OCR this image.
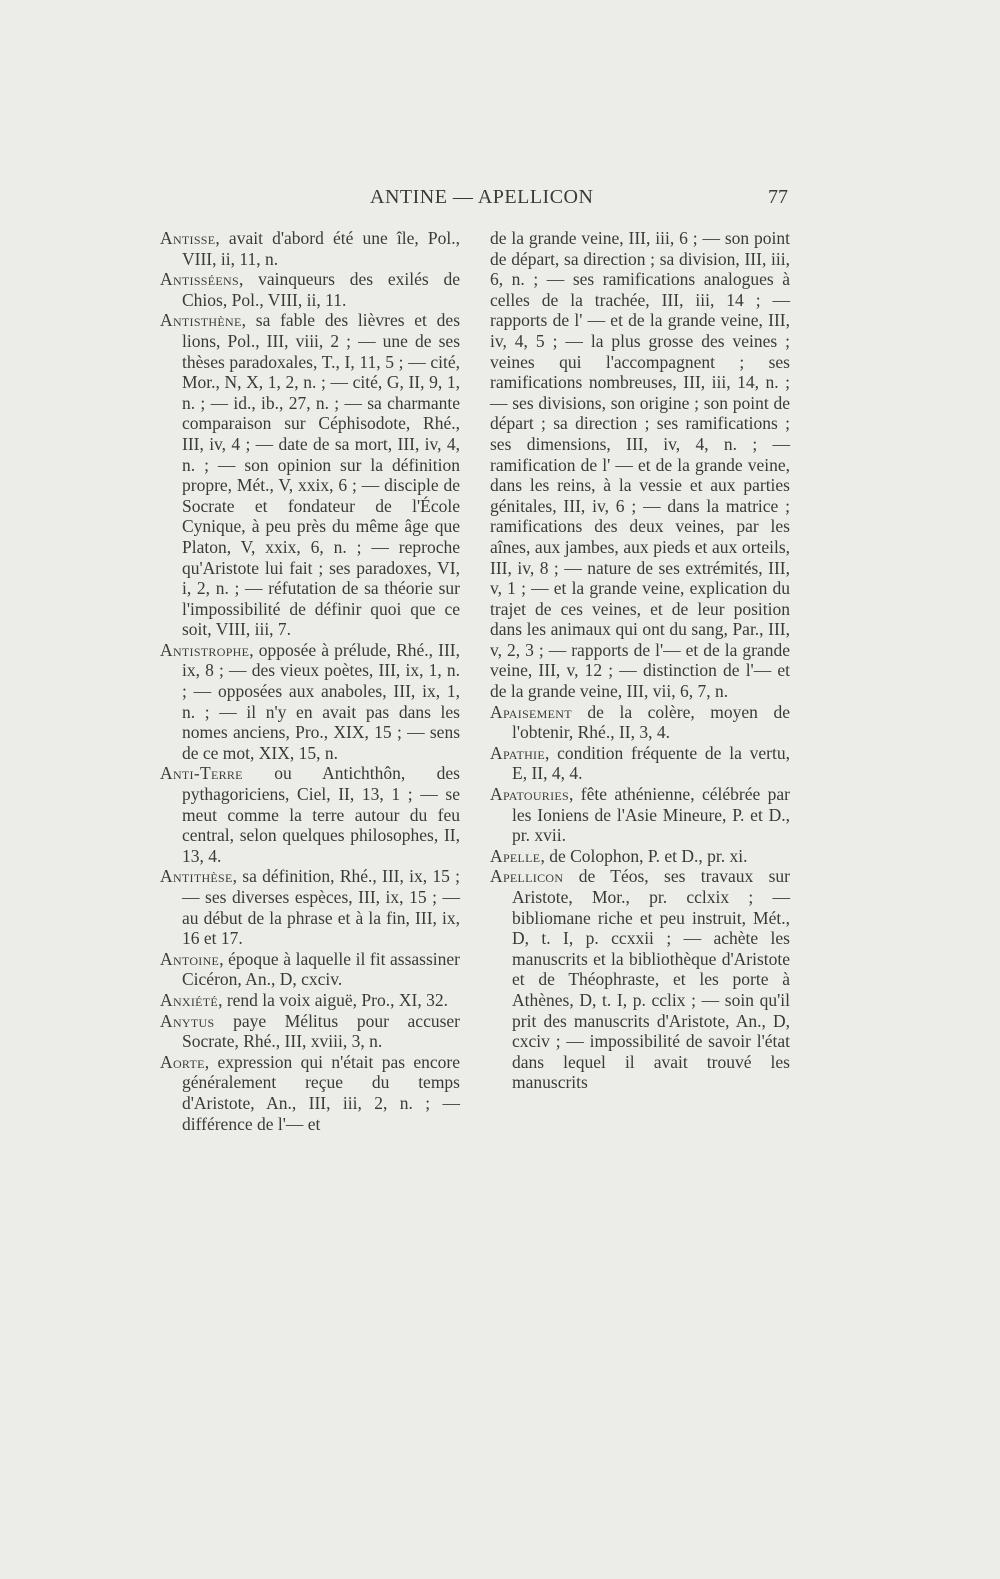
ANTINE — APELLICON	77

Antisse, avait d'abord été une île, Pol., VIII, ii, 11, n.

Antisséens, vainqueurs des exilés de Chios, Pol., VIII, ii, 11.

Antisthène, sa fable des lièvres et des lions, Pol., III, viii, 2 ; — une de ses thèses paradoxales, T., I, 11, 5 ; — cité, Mor., N, X, 1, 2, n. ; — cité, G, II, 9, 1, n. ; — id., ib., 27, n. ; — sa charmante comparaison sur Céphisodote, Rhé., III, iv, 4 ; — date de sa mort, III, iv, 4, n. ; — son opinion sur la définition propre, Mét., V, xxix, 6 ; — disciple de Socrate et fondateur de l'École Cynique, à peu près du même âge que Platon, V, xxix, 6, n. ; — reproche qu'Aristote lui fait ; ses paradoxes, VI, i, 2, n. ; — réfutation de sa théorie sur l'impossibilité de définir quoi que ce soit, VIII, iii, 7.

Antistrophe, opposée à prélude, Rhé., III, ix, 8 ; — des vieux poètes, III, ix, 1, n. ; — opposées aux anaboles, III, ix, 1, n. ; — il n'y en avait pas dans les nomes anciens, Pro., XIX, 15 ; — sens de ce mot, XIX, 15, n.

Anti-Terre ou Antichthôn, des pythagoriciens, Ciel, II, 13, 1 ; — se meut comme la terre autour du feu central, selon quelques philosophes, II, 13, 4.

Antithèse, sa définition, Rhé., III, ix, 15 ; — ses diverses espèces, III, ix, 15 ; — au début de la phrase et à la fin, III, ix, 16 et 17.

Antoine, époque à laquelle il fit assassiner Cicéron, An., D, cxciv.

Anxiété, rend la voix aiguë, Pro., XI, 32.

Anytus paye Mélitus pour accuser Socrate, Rhé., III, xviii, 3, n.

Aorte, expression qui n'était pas encore généralement reçue du temps d'Aristote, An., III, iii, 2, n. ; — différence de l'— et

de la grande veine, III, iii, 6 ; — son point de départ, sa direction ; sa division, III, iii, 6, n. ; — ses ramifications analogues à celles de la trachée, III, iii, 14 ; — rapports de l' — et de la grande veine, III, iv, 4, 5 ; — la plus grosse des veines ; veines qui l'accompagnent ; ses ramifications nombreuses, III, iii, 14, n. ; — ses divisions, son origine ; son point de départ ; sa direction ; ses ramifications ; ses dimensions, III, iv, 4, n. ; — ramification de l' — et de la grande veine, dans les reins, à la vessie et aux parties génitales, III, iv, 6 ; — dans la matrice ; ramifications des deux veines, par les aînes, aux jambes, aux pieds et aux orteils, III, iv, 8 ; — nature de ses extrémités, III, v, 1 ; — et la grande veine, explication du trajet de ces veines, et de leur position dans les animaux qui ont du sang, Par., III, v, 2, 3 ; — rapports de l'— et de la grande veine, III, v, 12 ; — distinction de l'— et de la grande veine, III, vii, 6, 7, n.

Apaisement de la colère, moyen de l'obtenir, Rhé., II, 3, 4.

Apathie, condition fréquente de la vertu, E, II, 4, 4.

Apatouries, fête athénienne, célébrée par les Ioniens de l'Asie Mineure, P. et D., pr. xvii.

Apelle, de Colophon, P. et D., pr. xi.

Apellicon de Téos, ses travaux sur Aristote, Mor., pr. cclxix ; — bibliomane riche et peu instruit, Mét., D, t. I, p. ccxxii ; — achète les manuscrits et la bibliothèque d'Aristote et de Théophraste, et les porte à Athènes, D, t. I, p. cclix ; — soin qu'il prit des manuscrits d'Aristote, An., D, cxciv ; — impossibilité de savoir l'état dans lequel il avait trouvé les manuscrits
